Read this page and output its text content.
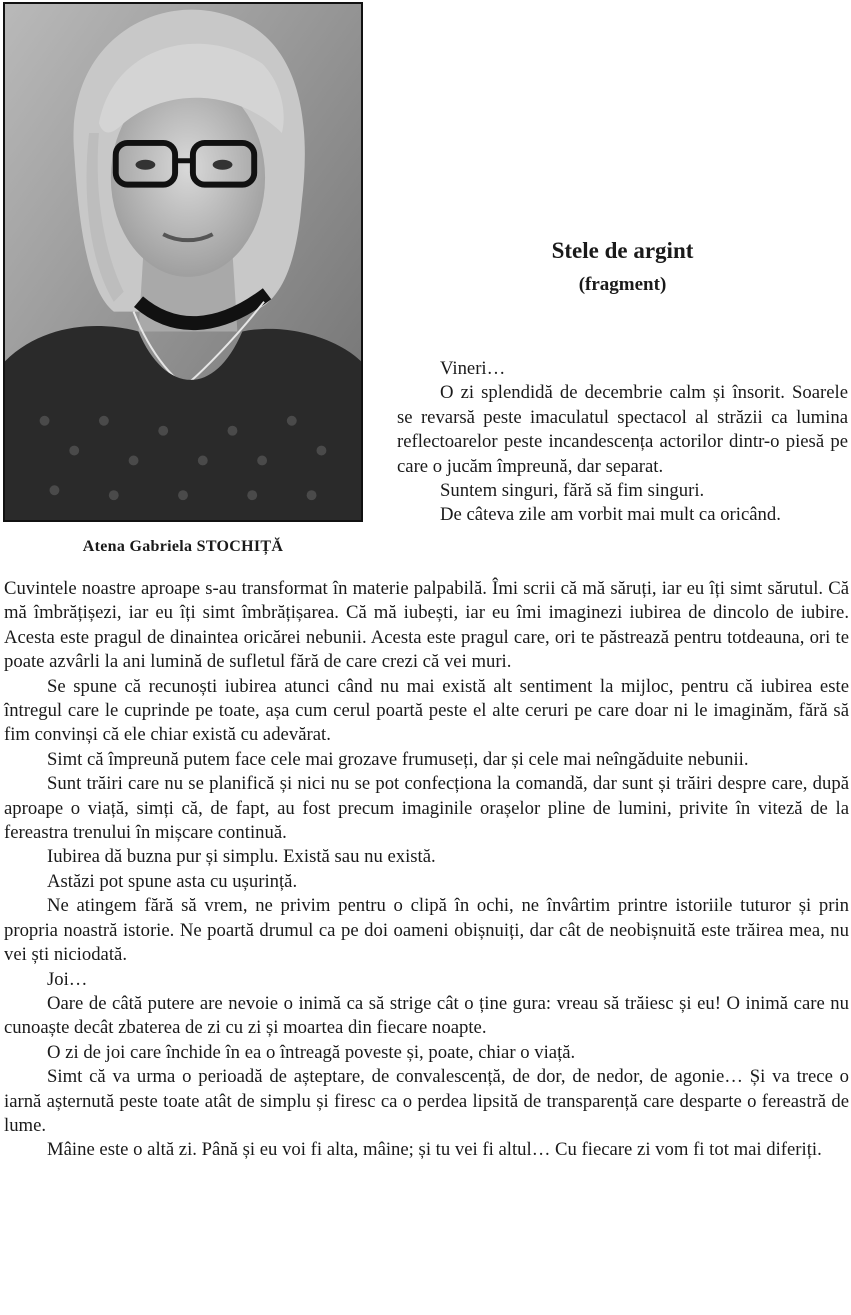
Atena Gabriela STOCHIȚĂ
Stele de argint
(fragment)

Vineri…

O zi splendidă de decembrie calm și însorit. Soarele se revarsă peste imaculatul spectacol al străzii ca lumina reflectoarelor peste incandescența actorilor dintr-o piesă pe care o jucăm împreună, dar separat.

Suntem singuri, fără să fim singuri.

De câteva zile am vorbit mai mult ca oricând.

Cuvintele noastre aproape s-au transformat în materie palpabilă. Îmi scrii că mă săruți, iar eu îți simt sărutul. Că mă îmbrățișezi, iar eu îți simt îmbrățișarea. Că mă iubești, iar eu îmi imaginezi iubirea de dincolo de iubire. Acesta este pragul de dinaintea oricărei nebunii. Acesta este pragul care, ori te păstrează pentru totdeauna, ori te poate azvârli la ani lumină de sufletul fără de care crezi că vei muri.

Se spune că recunoști iubirea atunci când nu mai există alt sentiment la mijloc, pentru că iubirea este întregul care le cuprinde pe toate, așa cum cerul poartă peste el alte ceruri pe care doar ni le imaginăm, fără să fim convinși că ele chiar există cu adevărat.

Simt că împreună putem face cele mai grozave frumuseți, dar și cele mai neîngăduite nebunii.

Sunt trăiri care nu se planifică și nici nu se pot confecționa la comandă, dar sunt și trăiri despre care, după aproape o viață, simți că, de fapt, au fost precum imaginile orașelor pline de lumini, privite în viteză de la fereastra trenului în mișcare continuă.

Iubirea dă buzna pur și simplu. Există sau nu există.

Astăzi pot spune asta cu ușurință.

Ne atingem fără să vrem, ne privim pentru o clipă în ochi, ne învârtim printre istoriile tuturor și prin propria noastră istorie. Ne poartă drumul ca pe doi oameni obișnuiți, dar cât de neobișnuită este trăirea mea, nu vei ști niciodată.

Joi…

Oare de câtă putere are nevoie o inimă ca să strige cât o ține gura: vreau să trăiesc și eu! O inimă care nu cunoaște decât zbaterea de zi cu zi și moartea din fiecare noapte.

O zi de joi care închide în ea o întreagă poveste și, poate, chiar o viață.

Simt că va urma o perioadă de așteptare, de convalescență, de dor, de nedor, de agonie… Și va trece o iarnă așternută peste toate atât de simplu și firesc ca o perdea lipsită de transparență care desparte o fereastră de lume.

Mâine este o altă zi. Până și eu voi fi alta, mâine; și tu vei fi altul… Cu fiecare zi vom fi tot mai diferiți.
